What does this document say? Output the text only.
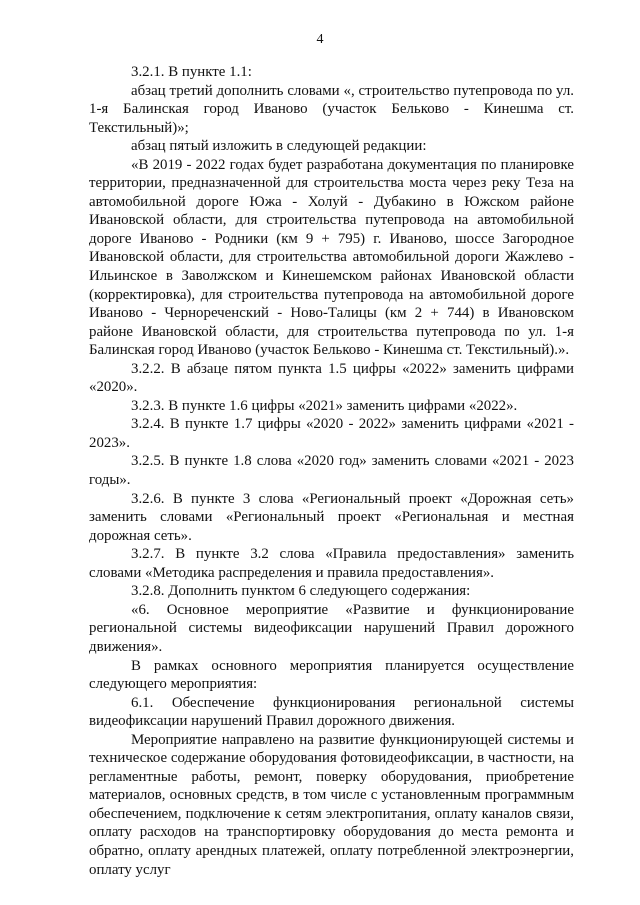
4

3.2.1. В пункте 1.1:

абзац третий дополнить словами «, строительство путепровода по ул. 1-я Балинская город Иваново (участок Бельково - Кинешма ст. Текстильный)»;

абзац пятый изложить в следующей редакции:

«В 2019 - 2022 годах будет разработана документация по планировке территории, предназначенной для строительства моста через реку Теза на автомобильной дороге Южа - Холуй - Дубакино в Южском районе Ивановской области, для строительства путепровода на автомобильной дороге Иваново - Родники (км 9 + 795) г. Иваново, шоссе Загородное Ивановской области, для строительства автомобильной дороги Жажлево - Ильинское в Заволжском и Кинешемском районах Ивановской области (корректировка), для строительства путепровода на автомобильной дороге Иваново - Чернореченский - Ново-Талицы (км 2 + 744) в Ивановском районе Ивановской области, для строительства путепровода по ул. 1-я Балинская город Иваново (участок Бельково - Кинешма ст. Текстильный).».

3.2.2. В абзаце пятом пункта 1.5 цифры «2022» заменить цифрами «2020».

3.2.3. В пункте 1.6 цифры «2021» заменить цифрами «2022».

3.2.4. В пункте 1.7 цифры «2020 - 2022» заменить цифрами «2021 - 2023».

3.2.5. В пункте 1.8 слова «2020 год» заменить словами «2021 - 2023 годы».

3.2.6. В пункте 3 слова «Региональный проект «Дорожная сеть» заменить словами «Региональный проект «Региональная и местная дорожная сеть».

3.2.7. В пункте 3.2 слова «Правила предоставления» заменить словами «Методика распределения и правила предоставления».

3.2.8. Дополнить пунктом 6 следующего содержания:

«6. Основное мероприятие «Развитие и функционирование региональной системы видеофиксации нарушений Правил дорожного движения».

В рамках основного мероприятия планируется осуществление следующего мероприятия:

6.1. Обеспечение функционирования региональной системы видеофиксации нарушений Правил дорожного движения.

Мероприятие направлено на развитие функционирующей системы и техническое содержание оборудования фотовидеофиксации, в частности, на регламентные работы, ремонт, поверку оборудования, приобретение материалов, основных средств, в том числе с установленным программным обеспечением, подключение к сетям электропитания, оплату каналов связи, оплату расходов на транспортировку оборудования до места ремонта и обратно, оплату арендных платежей, оплату потребленной электроэнергии, оплату услуг
